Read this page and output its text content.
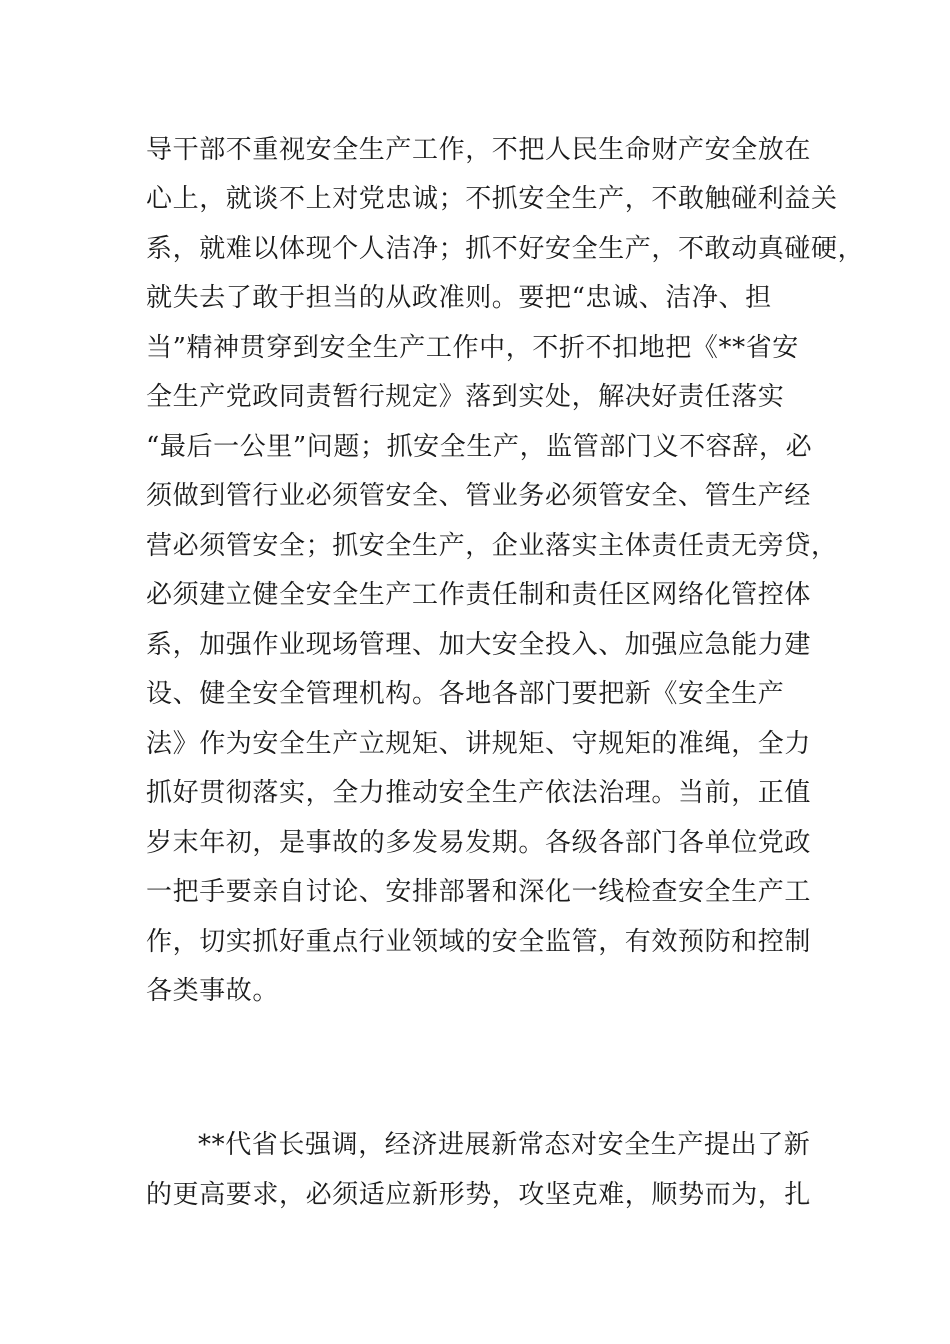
导干部不重视安全生产工作，不把人民生命财产安全放在

心上，就谈不上对党忠诚；不抓安全生产，不敢触碰利益关

系，就难以体现个人洁净；抓不好安全生产，不敢动真碰硬，

就失去了敢于担当的从政准则。要把“忠诚、洁净、担

当”精神贯穿到安全生产工作中，不折不扣地把《**省安

全生产党政同责暂行规定》落到实处，解决好责任落实

“最后一公里”问题；抓安全生产，监管部门义不容辞，必

须做到管行业必须管安全、管业务必须管安全、管生产经

营必须管安全；抓安全生产，企业落实主体责任责无旁贷，

必须建立健全安全生产工作责任制和责任区网络化管控体

系，加强作业现场管理、加大安全投入、加强应急能力建

设、健全安全管理机构。各地各部门要把新《安全生产

法》作为安全生产立规矩、讲规矩、守规矩的准绳，全力

抓好贯彻落实，全力推动安全生产依法治理。当前，正值

岁末年初，是事故的多发易发期。各级各部门各单位党政

一把手要亲自讨论、安排部署和深化一线检查安全生产工

作，切实抓好重点行业领域的安全监管，有效预防和控制

各类事故。

**代省长强调，经济进展新常态对安全生产提出了新

的更高要求，必须适应新形势，攻坚克难，顺势而为，扎
